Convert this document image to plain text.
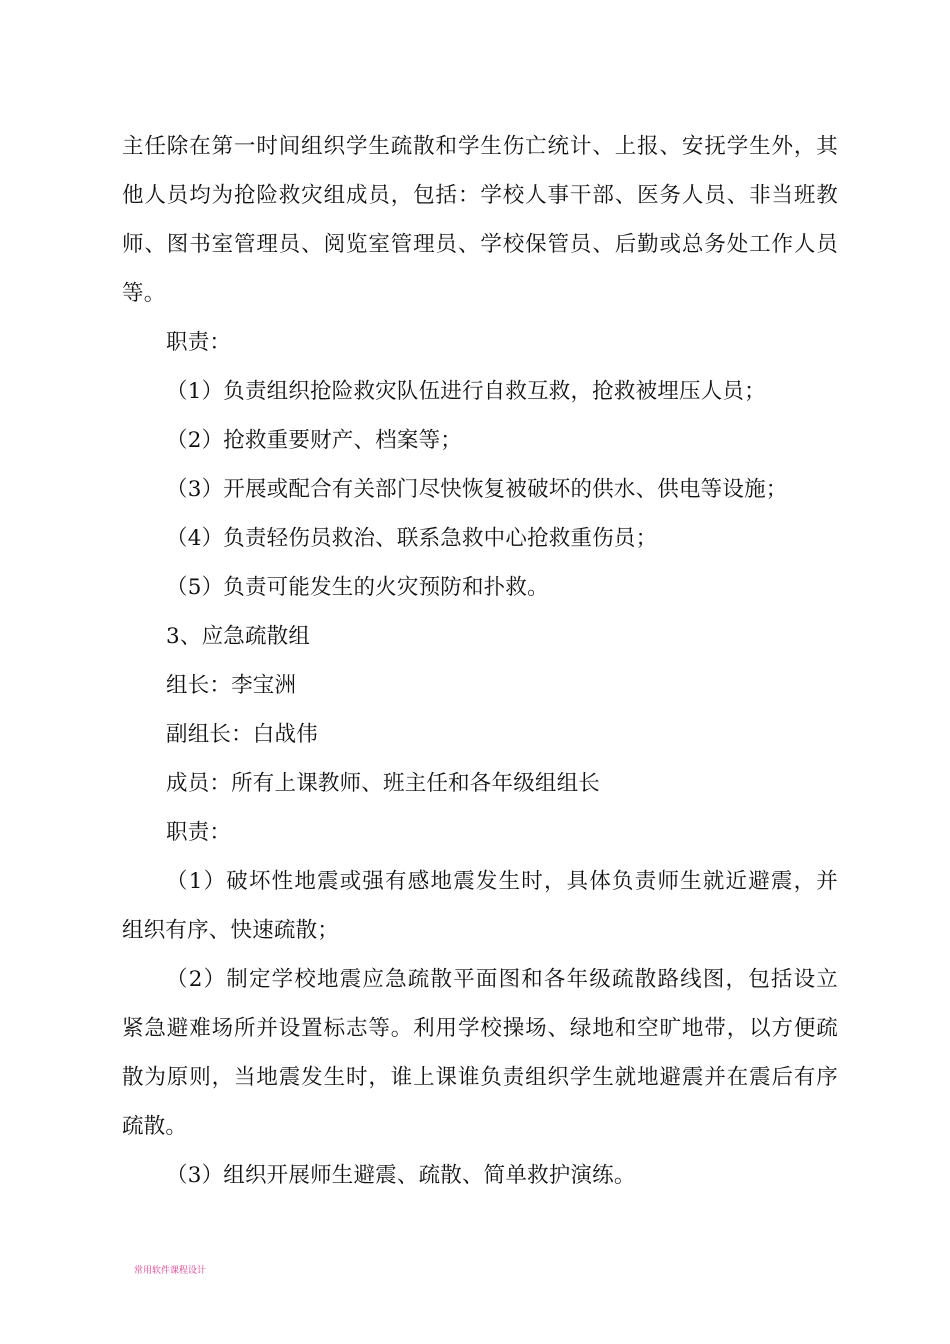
主任除在第一时间组织学生疏散和学生伤亡统计、上报、安抚学生外，其
他人员均为抢险救灾组成员，包括：学校人事干部、医务人员、非当班教
师、图书室管理员、阅览室管理员、学校保管员、后勤或总务处工作人员
等。
职责：
（1）负责组织抢险救灾队伍进行自救互救，抢救被埋压人员；
（2）抢救重要财产、档案等；
（3）开展或配合有关部门尽快恢复被破坏的供水、供电等设施；
（4）负责轻伤员救治、联系急救中心抢救重伤员；
（5）负责可能发生的火灾预防和扑救。
3、应急疏散组
组长：李宝洲
副组长：白战伟
成员：所有上课教师、班主任和各年级组组长
职责：
（1）破坏性地震或强有感地震发生时，具体负责师生就近避震，并
组织有序、快速疏散；
（2）制定学校地震应急疏散平面图和各年级疏散路线图，包括设立
紧急避难场所并设置标志等。利用学校操场、绿地和空旷地带，以方便疏
散为原则，当地震发生时，谁上课谁负责组织学生就地避震并在震后有序
疏散。
（3）组织开展师生避震、疏散、简单救护演练。
常用软件课程设计
